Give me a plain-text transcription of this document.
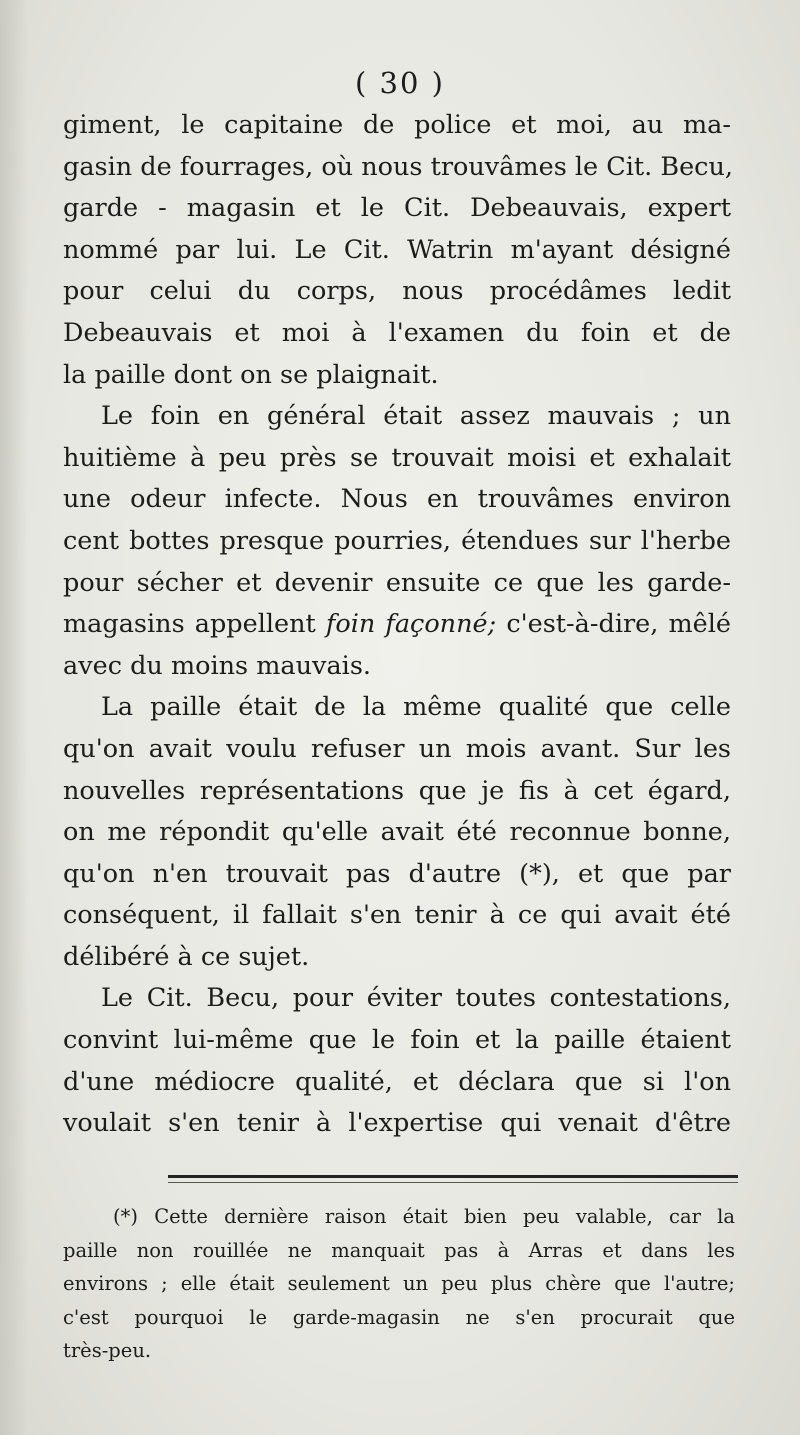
( 30 )
giment, le capitaine de police et moi, au ma-
gasin de fourrages, où nous trouvâmes le Cit. Becu,
garde - magasin et le Cit. Debeauvais, expert
nommé par lui. Le Cit. Watrin m'ayant désigné
pour celui du corps, nous procédâmes ledit
Debeauvais et moi à l'examen du foin et de
la paille dont on se plaignait.
Le foin en général était assez mauvais ; un
huitième à peu près se trouvait moisi et exhalait
une odeur infecte. Nous en trouvâmes environ
cent bottes presque pourries, étendues sur l'herbe
pour sécher et devenir ensuite ce que les garde-
magasins appellent foin façonné; c'est-à-dire, mêlé
avec du moins mauvais.
La paille était de la même qualité que celle
qu'on avait voulu refuser un mois avant. Sur les
nouvelles représentations que je fis à cet égard,
on me répondit qu'elle avait été reconnue bonne,
qu'on n'en trouvait pas d'autre (*), et que par
conséquent, il fallait s'en tenir à ce qui avait été
délibéré à ce sujet.
Le Cit. Becu, pour éviter toutes contestations,
convint lui-même que le foin et la paille étaient
d'une médiocre qualité, et déclara que si l'on
voulait s'en tenir à l'expertise qui venait d'être
(*) Cette dernière raison était bien peu valable, car la
paille non rouillée ne manquait pas à Arras et dans les
environs ; elle était seulement un peu plus chère que l'autre;
c'est pourquoi le garde-magasin ne s'en procurait que
très-peu.
